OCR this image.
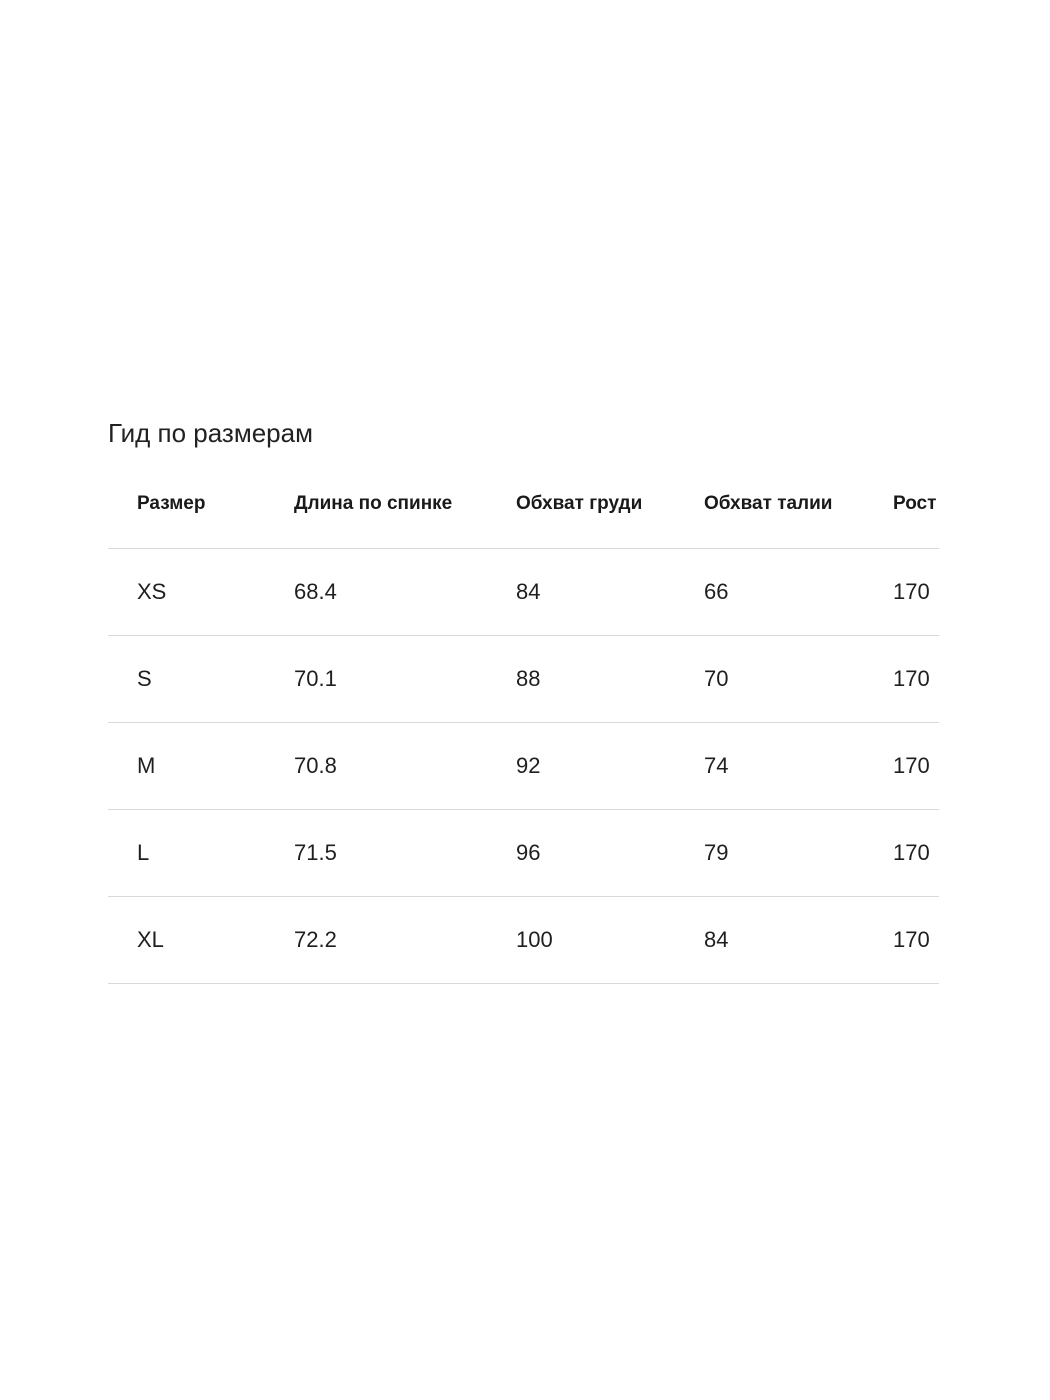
Гид по размерам
Размер	Длина по спинке	Обхват груди	Обхват талии	Рост
XS	68.4	84	66	170
S	70.1	88	70	170
M	70.8	92	74	170
L	71.5	96	79	170
XL	72.2	100	84	170
